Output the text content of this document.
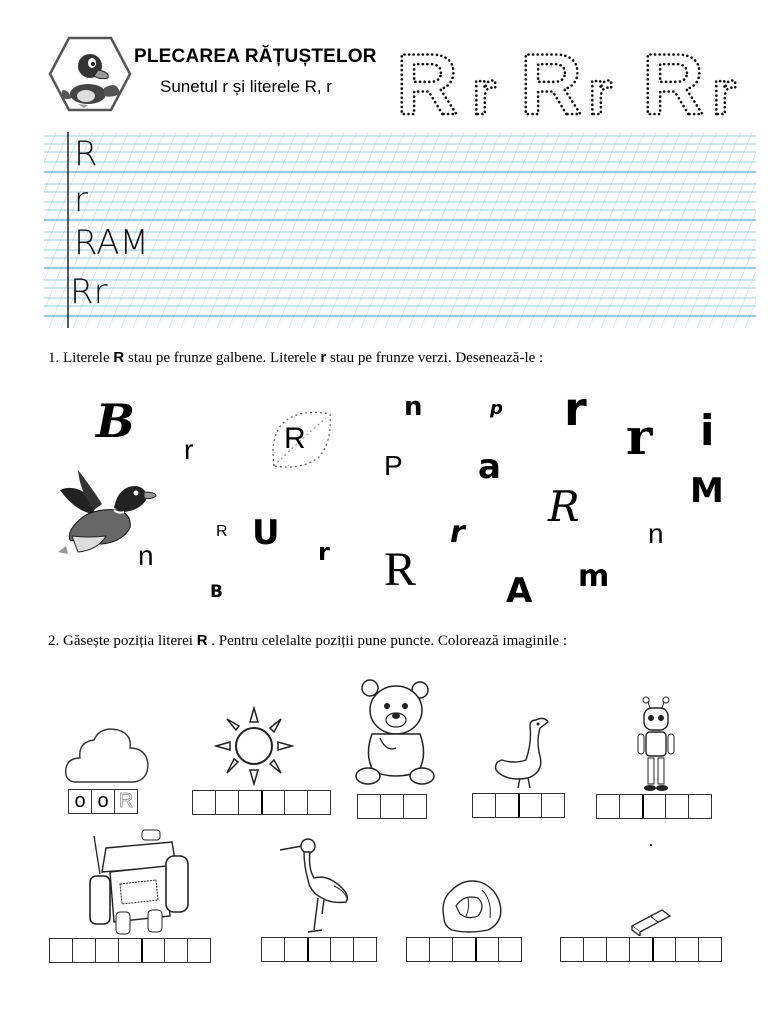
PLECAREA RĂȚUȘTELOR
Sunetul r și literele R, r R r R r R r
R
r
RAM
Rr
1. Literele R stau pe frunze galbene. Literele r stau pe frunze verzi. Desenează-le :
B
r	R
n
P
p
a
r r i
M
R
n
R U r
r
R
n
B	A m
2. Găsește poziția literei R . Pentru celelalte poziții pune puncte. Colorează imaginile :
o o R
